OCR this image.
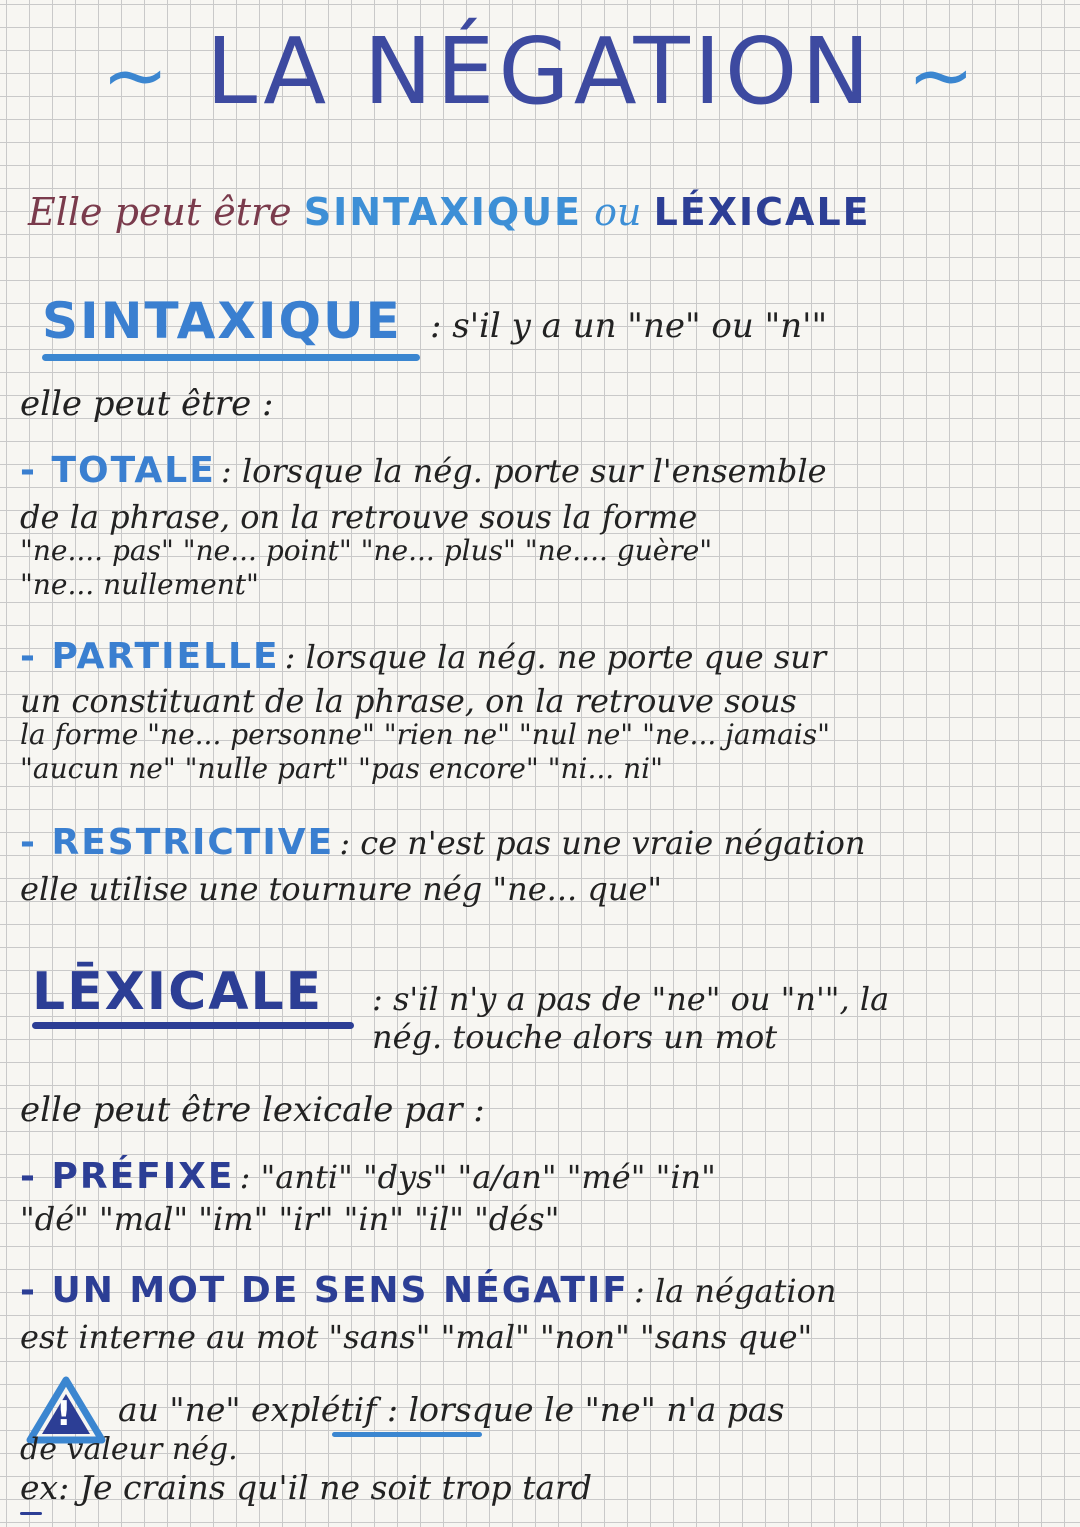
~ LA NÉGATION ~
Elle peut être SINTAXIQUE ou LÉXICALE
SINTAXIQUE : s'il y a un "ne" ou "n'"
elle peut être :
- TOTALE : lorsque la nég. porte sur l'ensemble
de la phrase, on la retrouve sous la forme
"ne.... pas" "ne... point" "ne... plus" "ne.... guère"
"ne... nullement"
- PARTIELLE : lorsque la nég. ne porte que sur
un constituant de la phrase, on la retrouve sous
la forme "ne... personne" "rien ne" "nul ne" "ne... jamais"
"aucun ne" "nulle part" "pas encore" "ni... ni"
- RESTRICTIVE : ce n'est pas une vraie négation
elle utilise une tournure nég "ne... que"
LĒXICALE : s'il n'y a pas de "ne" ou "n'", la
nég. touche alors un mot
elle peut être lexicale par :
- PRÉFIXE : "anti" "dys" "a/an" "mé" "in"
"dé" "mal" "im" "ir" "in" "il" "dés"
- UN MOT DE SENS NÉGATIF : la négation
est interne au mot "sans" "mal" "non" "sans que"
! au "ne" explétif : lorsque le "ne" n'a pas
de valeur nég.
ex: Je crains qu'il ne soit trop tard
